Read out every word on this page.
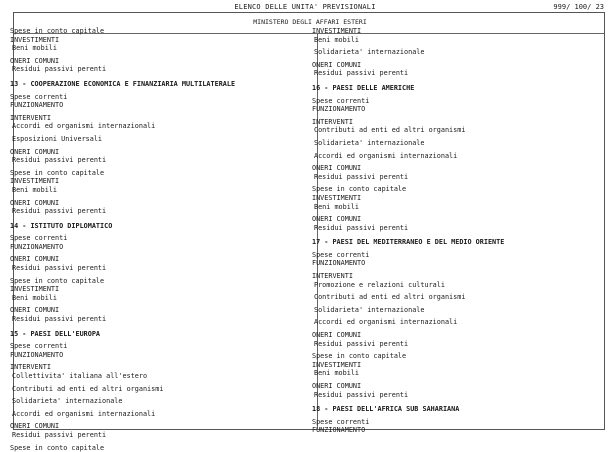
ELENCO DELLE UNITA' PREVISIONALI	999/ 100/ 23
MINISTERO DEGLI AFFARI ESTERI
Spese in conto capitale
INVESTIMENTI
Beni mobili
ONERI COMUNI
Residui passivi perenti
13 - COOPERAZIONE ECONOMICA E FINANZIARIA MULTILATERALE
Spese correnti
FUNZIONAMENTO
INTERVENTI
Accordi ed organismi internazionali
Esposizioni Universali
ONERI COMUNI
Residui passivi perenti
Spese in conto capitale
INVESTIMENTI
Beni mobili
ONERI COMUNI
Residui passivi perenti
14 - ISTITUTO DIPLOMATICO
Spese correnti
FUNZIONAMENTO
ONERI COMUNI
Residui passivi perenti
Spese in conto capitale
INVESTIMENTI
Beni mobili
ONERI COMUNI
Residui passivi perenti
15 - PAESI DELL'EUROPA
Spese correnti
FUNZIONAMENTO
INTERVENTI
Collettivita' italiana all'estero
Contributi ad enti ed altri organismi
Solidarieta' internazionale
Accordi ed organismi internazionali
ONERI COMUNI
Residui passivi perenti
Spese in conto capitale
INVESTIMENTI
Beni mobili
Solidarieta' internazionale
ONERI COMUNI
Residui passivi perenti
16 - PAESI DELLE AMERICHE
Spese correnti
FUNZIONAMENTO
INTERVENTI
Contributi ad enti ed altri organismi
Solidarieta' internazionale
Accordi ed organismi internazionali
ONERI COMUNI
Residui passivi perenti
Spese in conto capitale
INVESTIMENTI
Beni mobili
ONERI COMUNI
Residui passivi perenti
17 - PAESI DEL MEDITERRANEO E DEL MEDIO ORIENTE
Spese correnti
FUNZIONAMENTO
INTERVENTI
Promozione e relazioni culturali
Contributi ad enti ed altri organismi
Solidarieta' internazionale
Accordi ed organismi internazionali
ONERI COMUNI
Residui passivi perenti
Spese in conto capitale
INVESTIMENTI
Beni mobili
ONERI COMUNI
Residui passivi perenti
18 - PAESI DELL'AFRICA SUB SAHARIANA
Spese correnti
FUNZIONAMENTO
